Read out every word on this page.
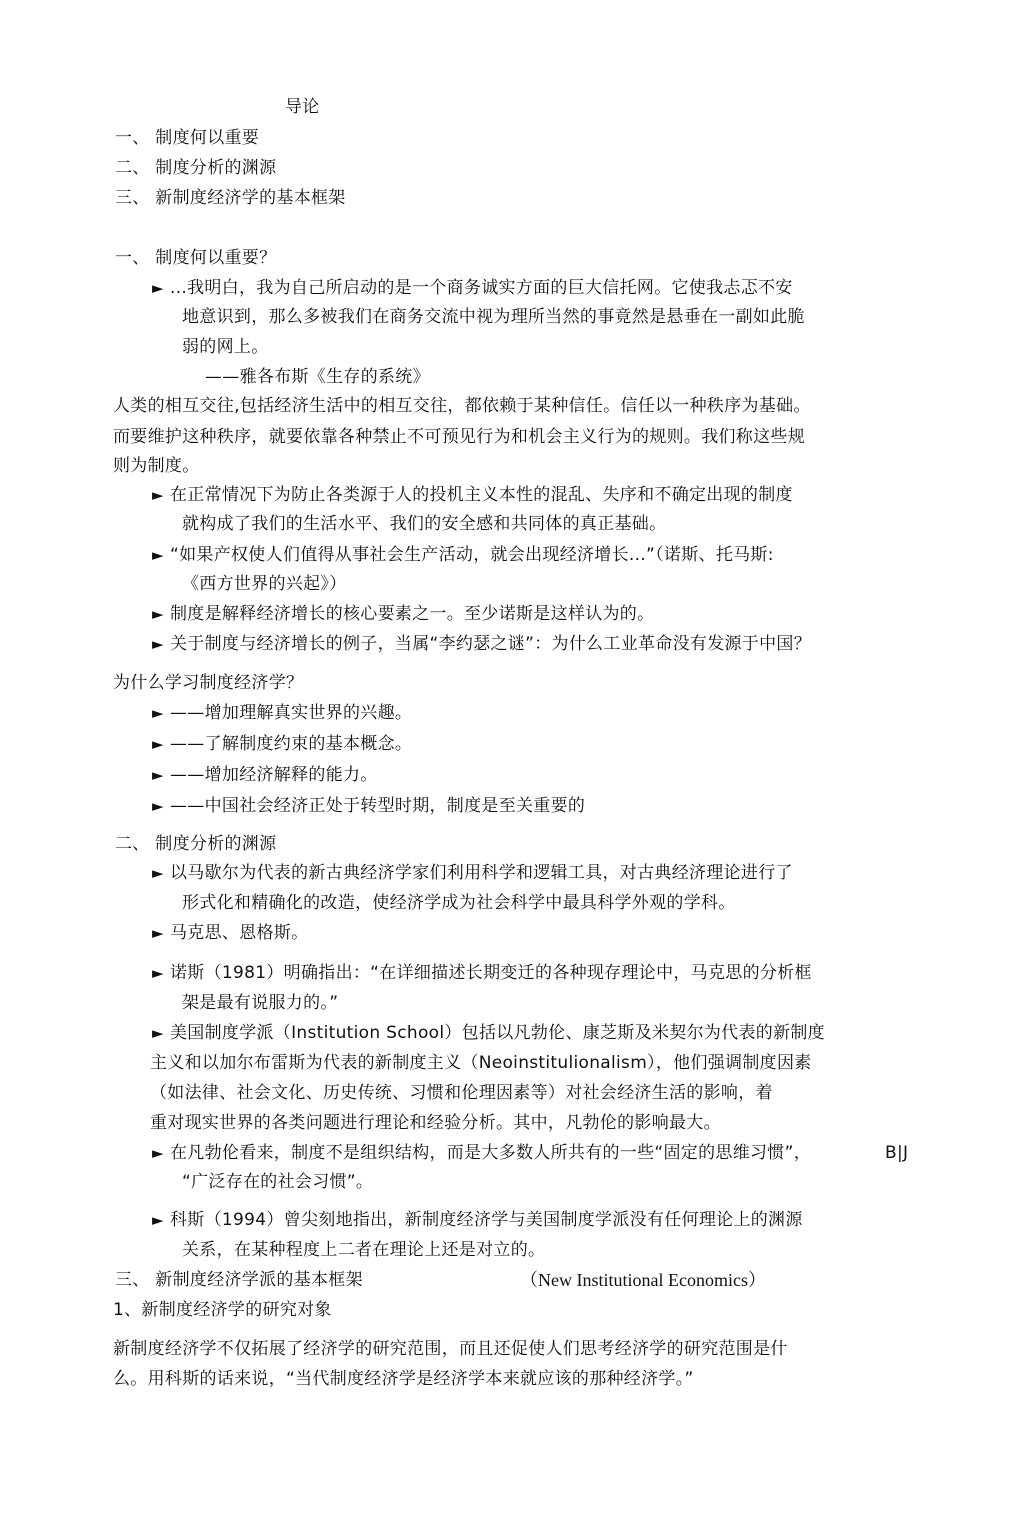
导论
一、 制度何以重要
二、 制度分析的渊源
三、 新制度经济学的基本框架
一、 制度何以重要？
► ...我明白，我为自己所启动的是一个商务诚实方面的巨大信托网。它使我忐忑不安
地意识到，那么多被我们在商务交流中视为理所当然的事竟然是悬垂在一副如此脆
弱的网上。
——雅各布斯《生存的系统》
人类的相互交往,包括经济生活中的相互交往，都依赖于某种信任。信任以一种秩序为基础。
而要维护这种秩序，就要依靠各种禁止不可预见行为和机会主义行为的规则。我们称这些规
则为制度。
► 在正常情况下为防止各类源于人的投机主义本性的混乱、失序和不确定出现的制度
就构成了我们的生活水平、我们的安全感和共同体的真正基础。
► “如果产权使人们值得从事社会生产活动，就会出现经济增长...”（诺斯、托马斯:
《西方世界的兴起》）
► 制度是解释经济增长的核心要素之一。至少诺斯是这样认为的。
► 关于制度与经济增长的例子，当属“李约瑟之谜”：为什么工业革命没有发源于中国？
为什么学习制度经济学？
► ——增加理解真实世界的兴趣。
► ——了解制度约束的基本概念。
► ——增加经济解释的能力。
► ——中国社会经济正处于转型时期，制度是至关重要的
二、 制度分析的渊源
► 以马歇尔为代表的新古典经济学家们利用科学和逻辑工具，对古典经济理论进行了
形式化和精确化的改造，使经济学成为社会科学中最具科学外观的学科。
► 马克思、恩格斯。
► 诺斯（1981）明确指出：“在详细描述长期变迁的各种现存理论中，马克思的分析框
架是最有说服力的。”
► 美国制度学派（Institution School）包括以凡勃伦、康芝斯及米契尔为代表的新制度
主义和以加尔布雷斯为代表的新制度主义（Neoinstitulionalism），他们强调制度因素
（如法律、社会文化、历史传统、习惯和伦理因素等）对社会经济生活的影响，着
重对现实世界的各类问题进行理论和经验分析。其中，凡勃伦的影响最大。
► 在凡勃伦看来，制度不是组织结构，而是大多数人所共有的一些“固定的思维习惯”，	B|J
“广泛存在的社会习惯”。
► 科斯（1994）曾尖刻地指出，新制度经济学与美国制度学派没有任何理论上的渊源
关系，在某种程度上二者在理论上还是对立的。
三、 新制度经济学派的基本框架	（New Institutional Economics）
1、新制度经济学的研究对象
新制度经济学不仅拓展了经济学的研究范围，而且还促使人们思考经济学的研究范围是什
么。用科斯的话来说，“当代制度经济学是经济学本来就应该的那种经济学。”
